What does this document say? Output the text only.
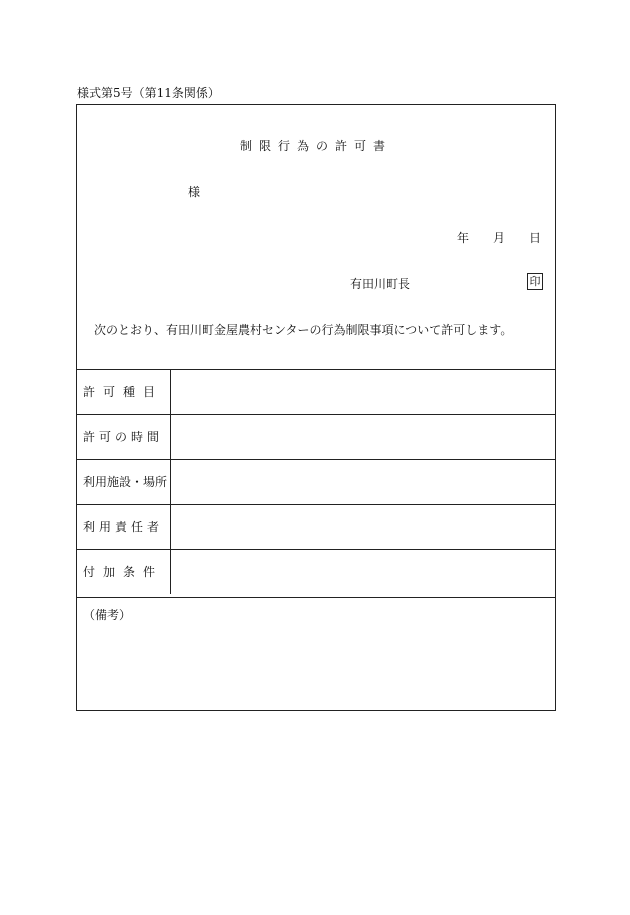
様式第5号（第11条関係）
制限行為の許可書
様
年 月 日
有田川町長	印
次のとおり、有田川町金屋農村センターの行為制限事項について許可します。
許可種目
許可の時間
利用施設・場所
利用責任者
付加条件
（備考）
